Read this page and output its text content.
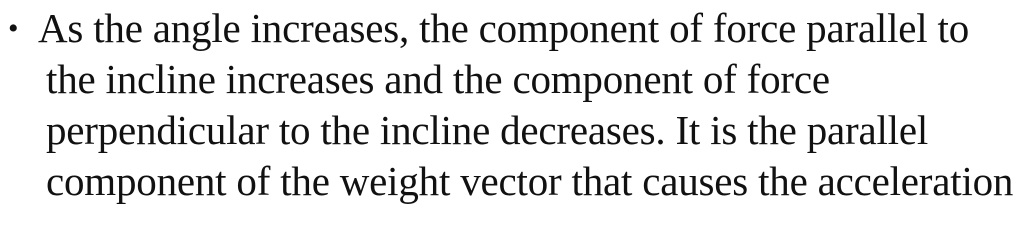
• As the angle increases, the component of force parallel to
the incline increases and the component of force
perpendicular to the incline decreases. It is the parallel
component of the weight vector that causes the acceleration
